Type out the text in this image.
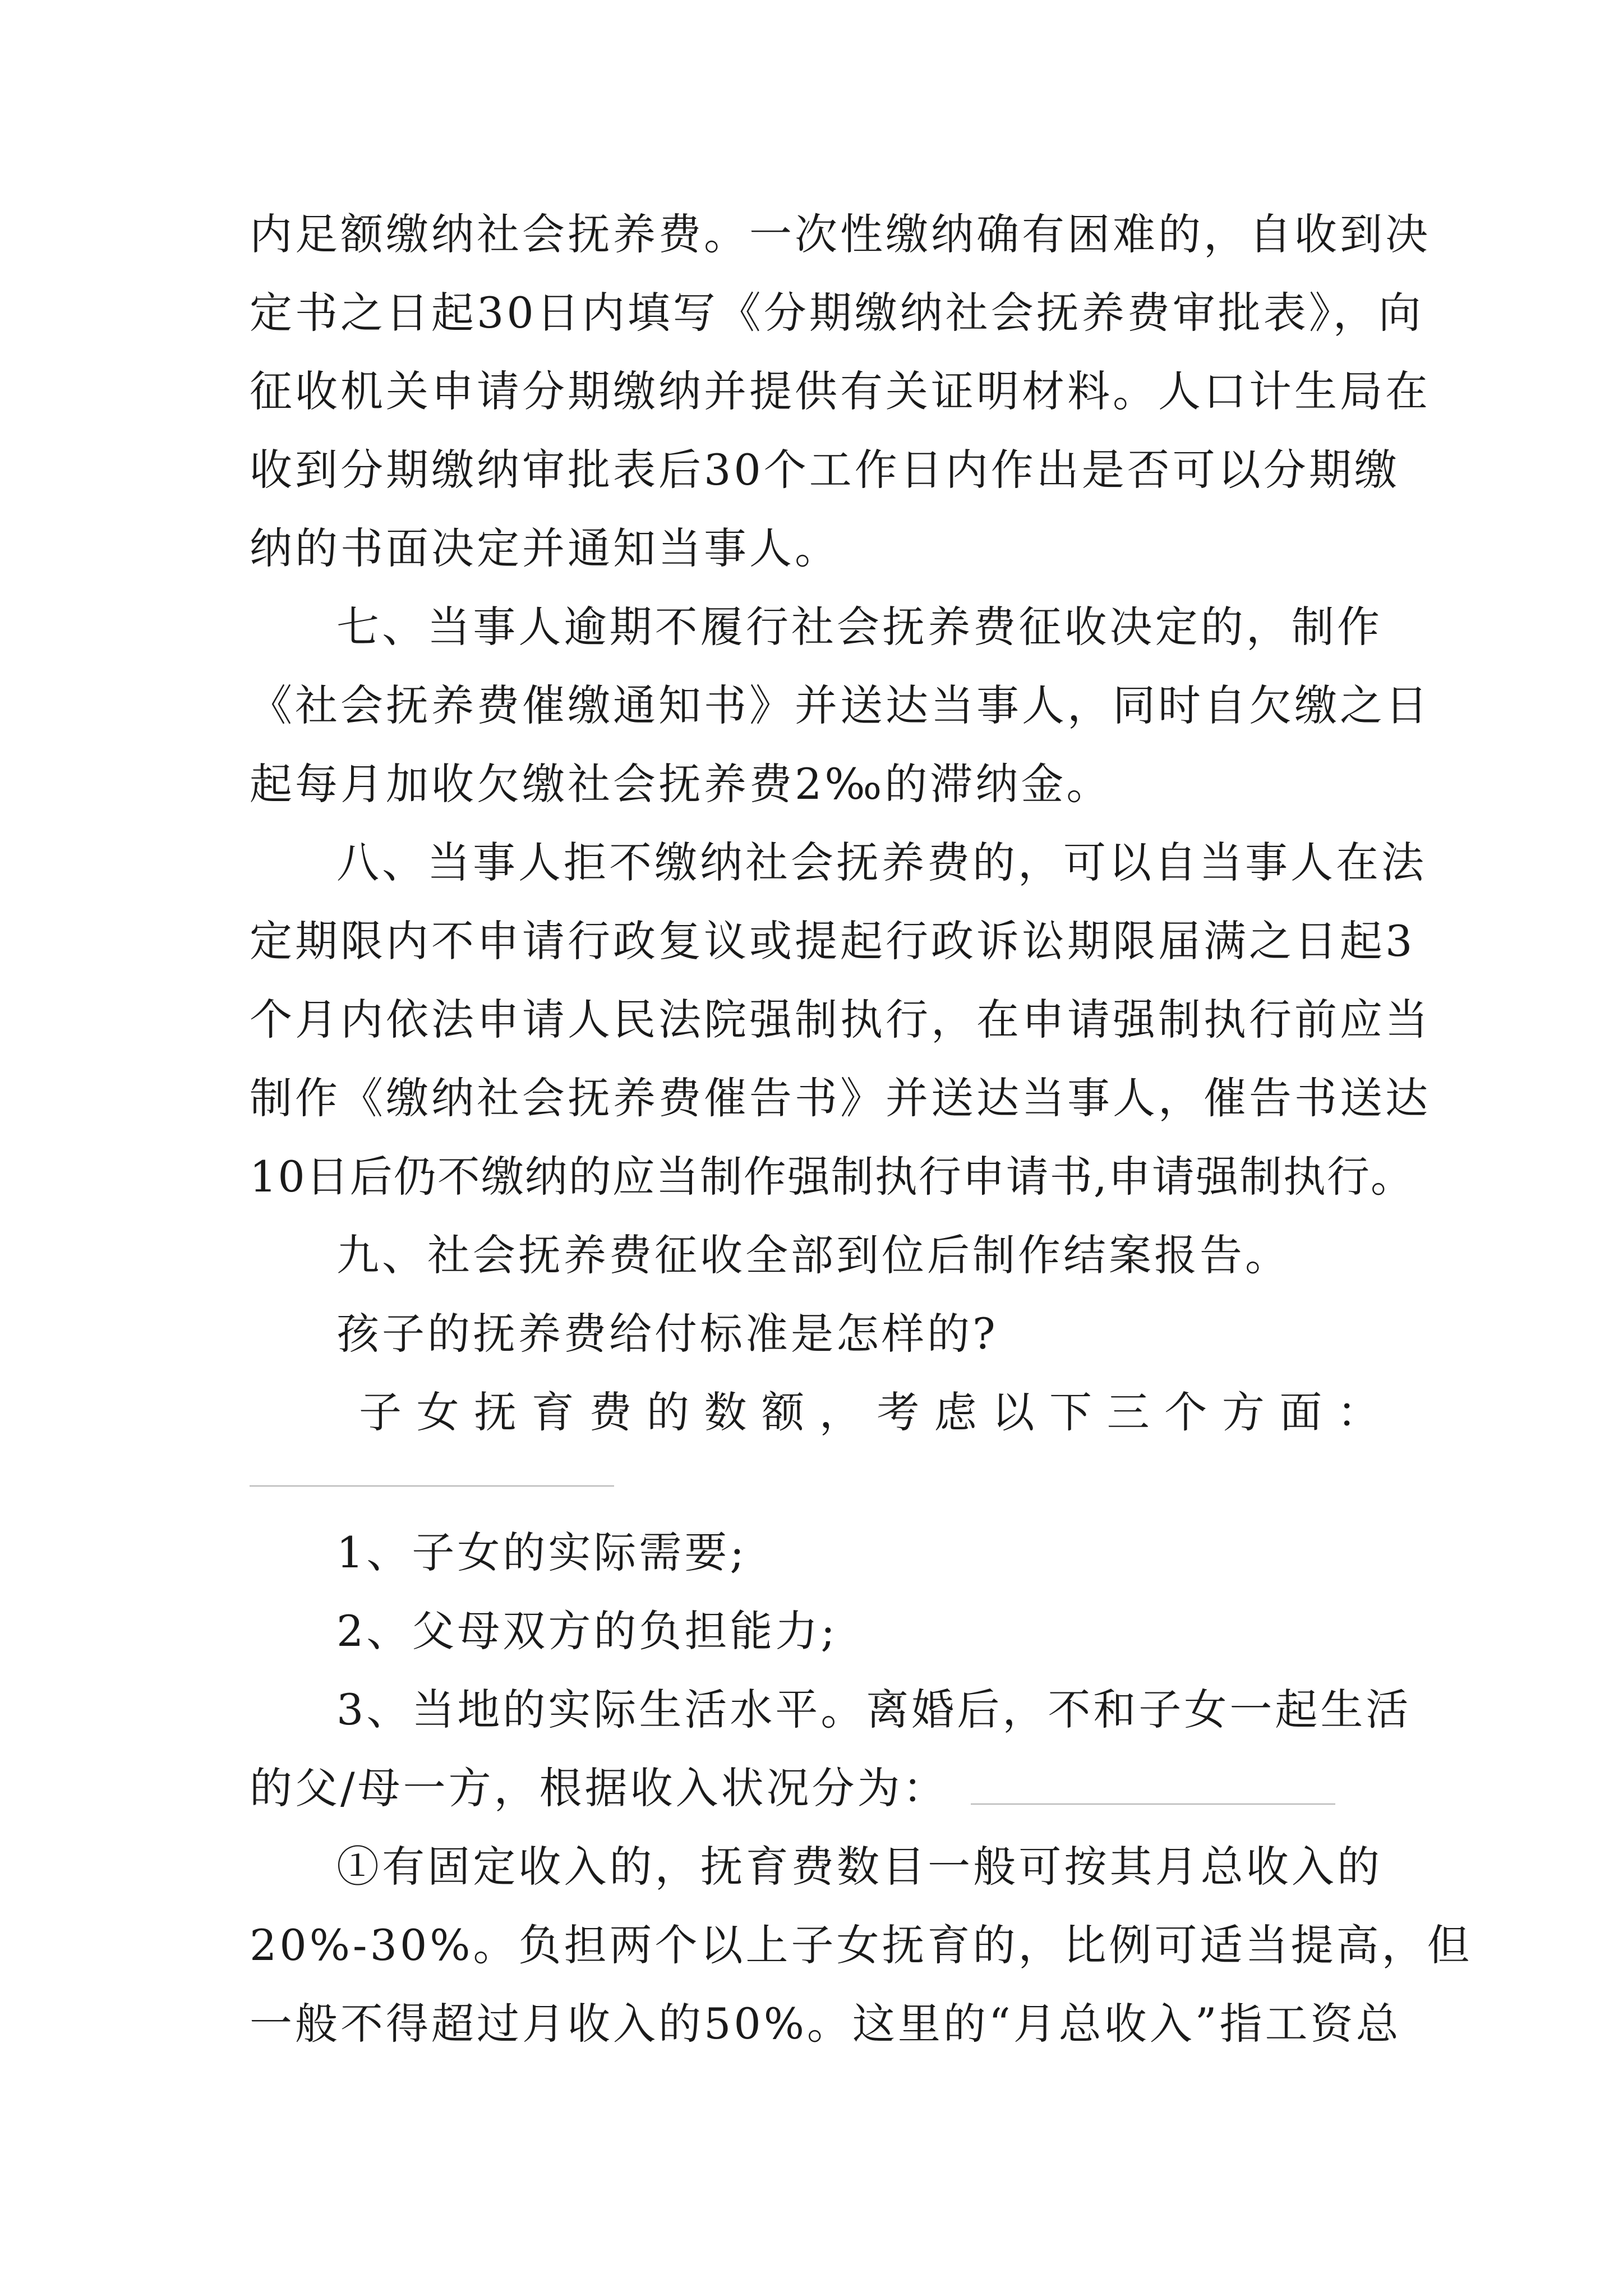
内足额缴纳社会抚养费。一次性缴纳确有困难的，自收到决
定书之日起30日内填写《分期缴纳社会抚养费审批表》，向
征收机关申请分期缴纳并提供有关证明材料。人口计生局在
收到分期缴纳审批表后30个工作日内作出是否可以分期缴
纳的书面决定并通知当事人。
七、当事人逾期不履行社会抚养费征收决定的，制作
《社会抚养费催缴通知书》并送达当事人，同时自欠缴之日
起每月加收欠缴社会抚养费2‰的滞纳金。
八、当事人拒不缴纳社会抚养费的，可以自当事人在法
定期限内不申请行政复议或提起行政诉讼期限届满之日起3
个月内依法申请人民法院强制执行，在申请强制执行前应当
制作《缴纳社会抚养费催告书》并送达当事人，催告书送达
10日后仍不缴纳的应当制作强制执行申请书,申请强制执行。
九、社会抚养费征收全部到位后制作结案报告。
孩子的抚养费给付标准是怎样的?
子女抚育费的数额，考虑以下三个方面：
1、子女的实际需要;
2、父母双方的负担能力;
3、当地的实际生活水平。离婚后，不和子女一起生活
的父/母一方，根据收入状况分为：
①有固定收入的，抚育费数目一般可按其月总收入的
20%-30%。负担两个以上子女抚育的，比例可适当提高，但
一般不得超过月收入的50%。这里的“月总收入”指工资总
